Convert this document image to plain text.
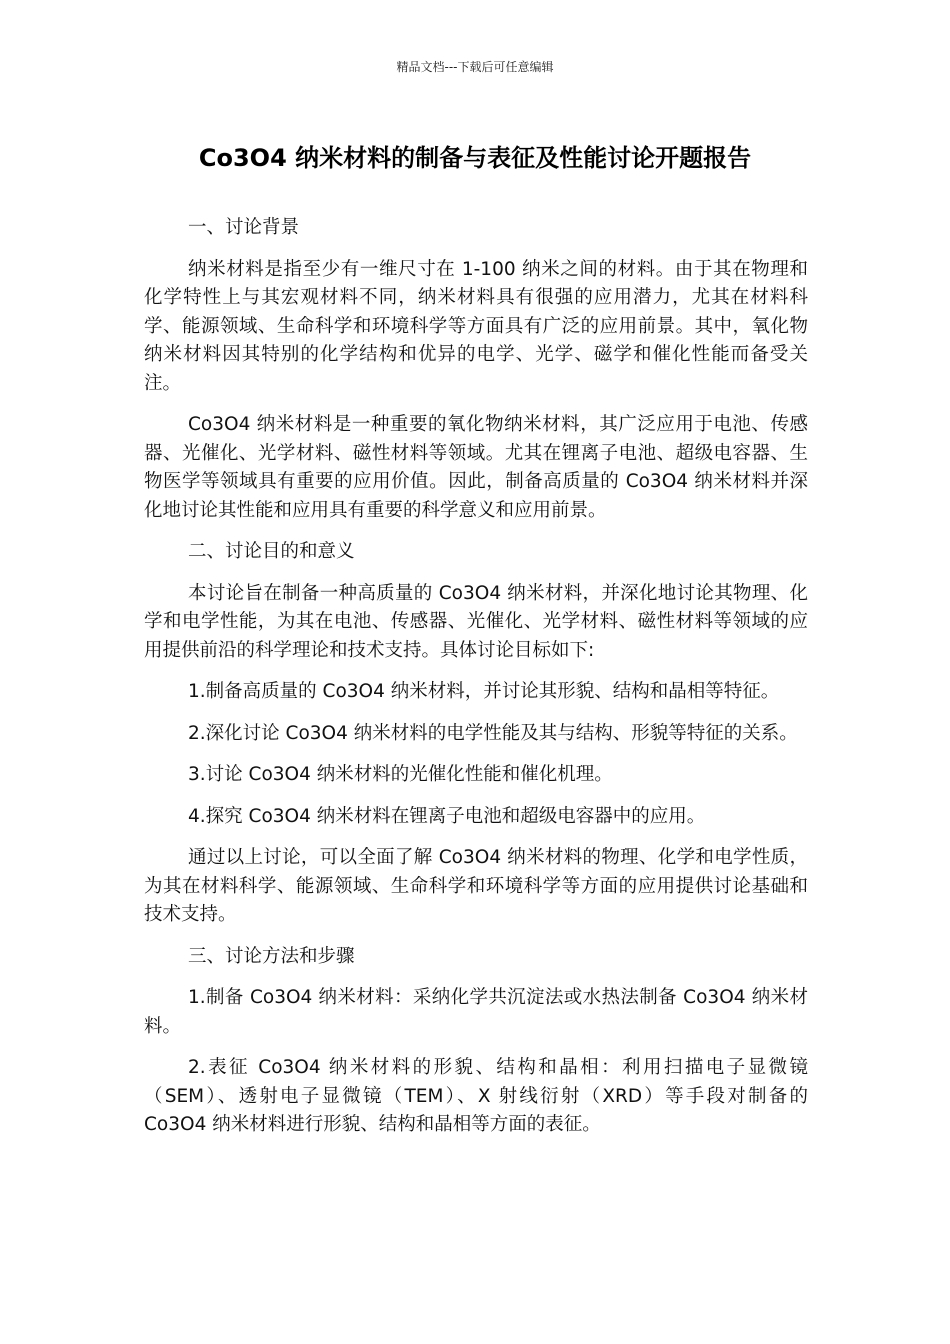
精品文档---下载后可任意编辑
Co3O4 纳米材料的制备与表征及性能讨论开题报告
一、讨论背景

纳米材料是指至少有一维尺寸在 1-100 纳米之间的材料。由于其在物理和化学特性上与其宏观材料不同，纳米材料具有很强的应用潜力，尤其在材料科学、能源领域、生命科学和环境科学等方面具有广泛的应用前景。其中，氧化物纳米材料因其特别的化学结构和优异的电学、光学、磁学和催化性能而备受关注。

Co3O4 纳米材料是一种重要的氧化物纳米材料，其广泛应用于电池、传感器、光催化、光学材料、磁性材料等领域。尤其在锂离子电池、超级电容器、生物医学等领域具有重要的应用价值。因此，制备高质量的 Co3O4 纳米材料并深化地讨论其性能和应用具有重要的科学意义和应用前景。

二、讨论目的和意义

本讨论旨在制备一种高质量的 Co3O4 纳米材料，并深化地讨论其物理、化学和电学性能，为其在电池、传感器、光催化、光学材料、磁性材料等领域的应用提供前沿的科学理论和技术支持。具体讨论目标如下:

1.制备高质量的 Co3O4 纳米材料，并讨论其形貌、结构和晶相等特征。

2.深化讨论 Co3O4 纳米材料的电学性能及其与结构、形貌等特征的关系。

3.讨论 Co3O4 纳米材料的光催化性能和催化机理。

4.探究 Co3O4 纳米材料在锂离子电池和超级电容器中的应用。

通过以上讨论，可以全面了解 Co3O4 纳米材料的物理、化学和电学性质，为其在材料科学、能源领域、生命科学和环境科学等方面的应用提供讨论基础和技术支持。

三、讨论方法和步骤

1.制备 Co3O4 纳米材料：采纳化学共沉淀法或水热法制备 Co3O4 纳米材料。

2.表征 Co3O4 纳米材料的形貌、结构和晶相：利用扫描电子显微镜（SEM）、透射电子显微镜（TEM）、X 射线衍射（XRD）等手段对制备的 Co3O4 纳米材料进行形貌、结构和晶相等方面的表征。
